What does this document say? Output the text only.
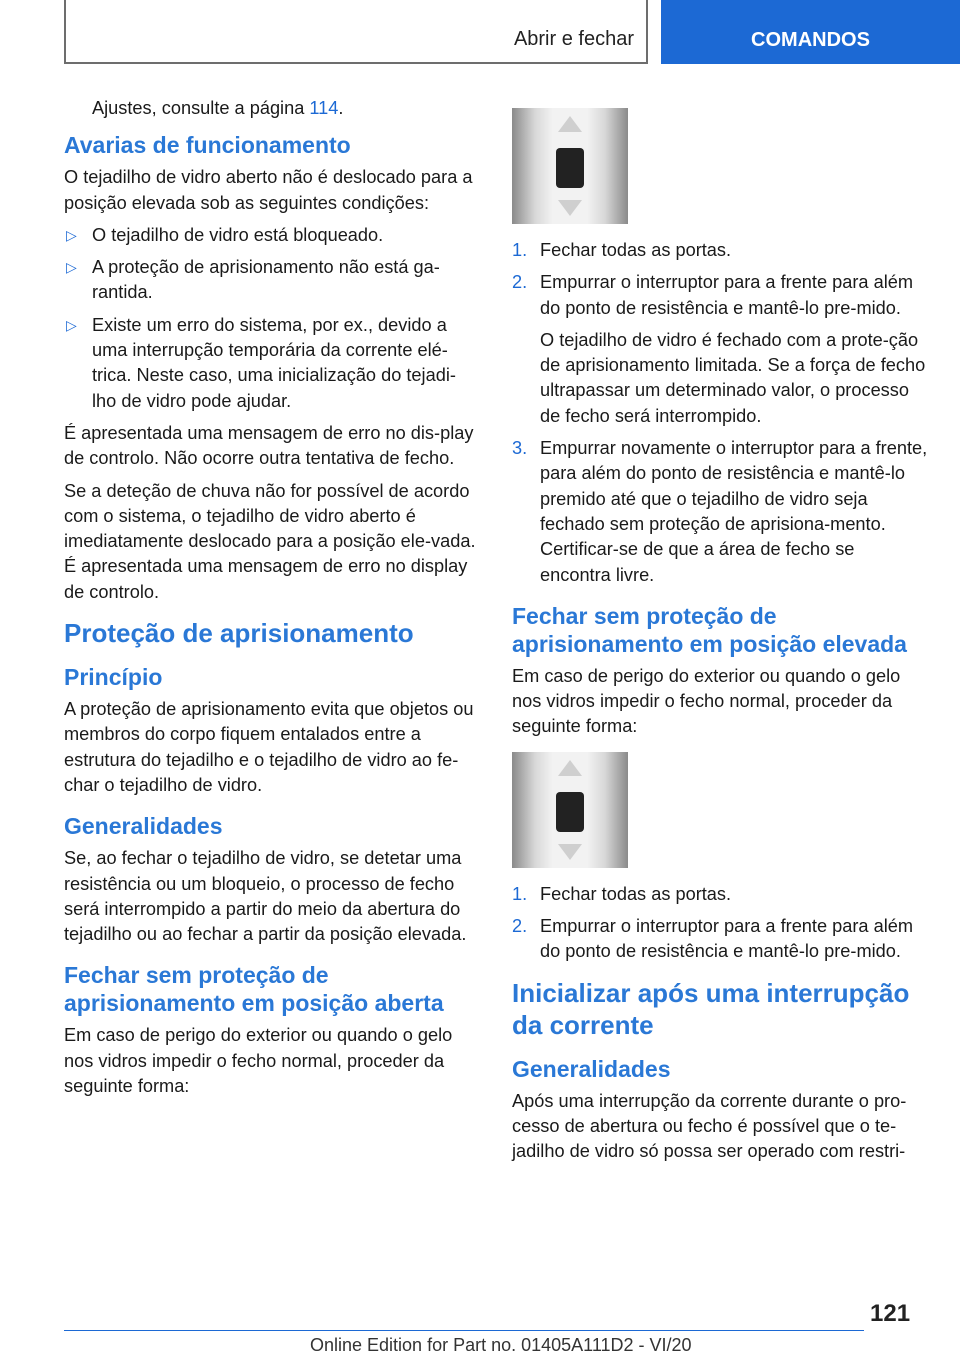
Abrir e fechar	COMANDOS

Ajustes, consulte a página 114.

Avarias de funcionamento

O tejadilho de vidro aberto não é deslocado para a posição elevada sob as seguintes condições:

▷ O tejadilho de vidro está bloqueado.
▷ A proteção de aprisionamento não está ga-rantida.
▷ Existe um erro do sistema, por ex., devido a uma interrupção temporária da corrente elé-trica. Neste caso, uma inicialização do tejadi-lho de vidro pode ajudar.

É apresentada uma mensagem de erro no dis-play de controlo. Não ocorre outra tentativa de fecho.

Se a deteção de chuva não for possível de acordo com o sistema, o tejadilho de vidro aberto é imediatamente deslocado para a posição ele-vada. É apresentada uma mensagem de erro no display de controlo.

Proteção de aprisionamento
Princípio

A proteção de aprisionamento evita que objetos ou membros do corpo fiquem entalados entre a estrutura do tejadilho e o tejadilho de vidro ao fe-char o tejadilho de vidro.

Generalidades

Se, ao fechar o tejadilho de vidro, se detetar uma resistência ou um bloqueio, o processo de fecho será interrompido a partir do meio da abertura do tejadilho ou ao fechar a partir da posição elevada.

Fechar sem proteção de aprisionamento em posição aberta

Em caso de perigo do exterior ou quando o gelo nos vidros impedir o fecho normal, proceder da seguinte forma:

1. Fechar todas as portas.
2. Empurrar o interruptor para a frente para além do ponto de resistência e mantê-lo pre-mido.
O tejadilho de vidro é fechado com a prote-ção de aprisionamento limitada. Se a força de fecho ultrapassar um determinado valor, o processo de fecho será interrompido.
3. Empurrar novamente o interruptor para a frente, para além do ponto de resistência e mantê-lo premido até que o tejadilho de vidro seja fechado sem proteção de aprisiona-mento. Certificar-se de que a área de fecho se encontra livre.
Fechar sem proteção de aprisionamento em posição elevada

Em caso de perigo do exterior ou quando o gelo nos vidros impedir o fecho normal, proceder da seguinte forma:

1. Fechar todas as portas.
2. Empurrar o interruptor para a frente para além do ponto de resistência e mantê-lo pre-mido.
Inicializar após uma interrupção da corrente
Generalidades

Após uma interrupção da corrente durante o pro-cesso de abertura ou fecho é possível que o te-jadilho de vidro só possa ser operado com restri-

121
Online Edition for Part no. 01405A111D2 - VI/20
